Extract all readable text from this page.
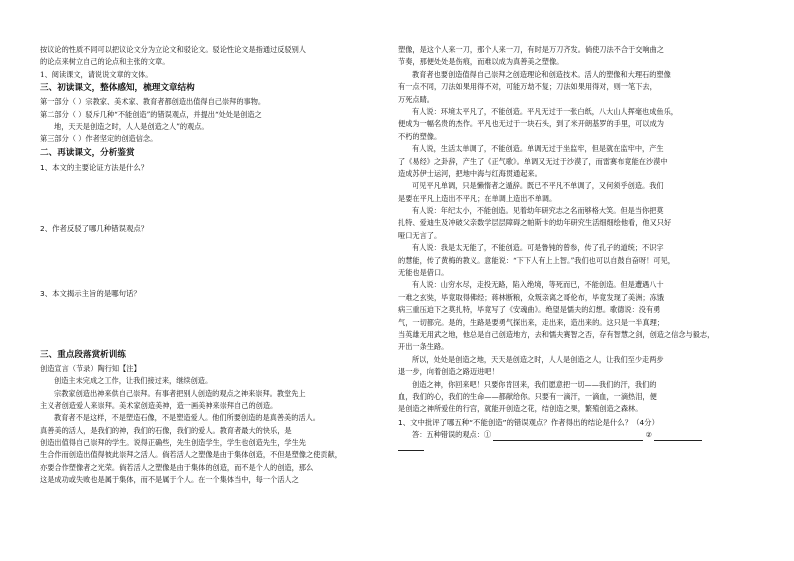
按议论的性质不同可以把议论文分为立论文和驳论文。驳论性论文是指通过反驳别人
的论点来树立自己的论点和主张的文章。
1、阅读课文，请说说文章的文体。
三、初读课文，整体感知，梳理文章结构
第一部分（ ）宗教家、美术家、教育者都创造出值得自己崇拜的事物。
第二部分（ ）驳斥几种“不能创造”的错误观点，并提出“处处是创造之
地，天天是创造之时，人人是创造之人”的观点。
第三部分（ ）作者坚定的创造信念。
二、再读课文，分析鉴赏
1、本文的主要论证方法是什么？
2、作者反驳了哪几种错误观点？
3、本文揭示主旨的是哪句话？
三、重点段落赏析训练
创造宣言（节录）陶行知【注】
创造主未完成之工作，让我们接过来，继续创造。
宗教家创造出神来供自己崇拜。有事者把别人创造的观点之神来崇拜。教堂先上
主义者创造爱人来崇拜。美术家创造美神，造一画美神来崇拜自己的创造。
教育者不是这样，不是塑造石像，不是塑造爱人。他们所要创造的是真善美的活人。
真善美的活人，是我们的神，我们的石像，我们的爱人。教育者最大的快乐，是
创造出值得自己崇拜的学生。说得正确些，先生创造学生，学生也创造先生，学生先
生合作而创造出值得彼此崇拜之活人。倘若活人之塑像是由于集体创造，不但是塑像之使贡献，
亦要合作塑像者之光荣。倘若活人之塑像是由于集体的创造，而不是个人的创造，那么
这是成功或失败也是属于集体，而不是属于个人。在一个集体当中，每一个活人之
塑像，是这个人来一刀，那个人来一刀，有时是万刀齐发。倘使刀法不合于交响曲之
节奏，那便处处是伤痕，而难以成为真善美之塑像。
教育者也要创造值得自己崇拜之创造理论和创造技术。活人的塑像和大理石的塑像
有一点不同，刀法如果用得不对，可能万劫不复；刀法如果用得对，则一笔下去，
万死点睛。
有人说：环境太平凡了，不能创造。平凡无过于一张白纸，八大山人挥毫也成鱼乐，
便成为一幅名贵的杰作。平凡也无过于一块石头，到了米开朗基罗的手里，可以成为
不朽的塑像。
有人说，生活太单调了，不能创造。单调无过于坐监牢，但是就在监牢中，产生
了《易经》之卦辞，产生了《正气歌》。单调又无过于沙漠了，而雷赛布竟能在沙漠中
造成苏伊士运河，把地中海与红海贯通起来。
可见平凡单调，只是懒惰者之遁辞。既已不平凡不单调了，又何须乎创造。我们
是要在平凡上造出不平凡；在单调上造出不单调。
有人说：年纪太小，不能创造。见着幼年研究志之名而够格大笑。但是当你把莫
扎特、爱迪生及冲破父亲数学层层障碍之帕斯卡的幼年研究生活细细绘他看，他又只好
哑口无言了。
有人说：我是太无能了，不能创造。可是鲁钝的曾参，传了孔子的道统；不识字
的慧能，传了黄梅的教义。意能说：“下下人有上上智。”我们也可以自鼓自奋呀！可见，
无能也是借口。
有人说：山穷水尽，走投无路，陷入绝境，等死而已，不能创造。但是遭遇八十
一难之玄奘，毕竟取得佛经；蒋林断粮，众叛亲离之哥伦布，毕竟发现了美洲；冻饿
病三重压迫下之莫扎特，毕竟写了《安魂曲》。绝望是懦夫的幻想。歌德说：没有勇
气，一切都完。是的，生路是要勇气探出来，走出来，造出来的。这只是一半真理；
当英雄无用武之地，他总是自己创造地方，去和懦夫赛智之否，存有智慧之剑，创造之信念与毅志，
开出一条生路。
所以，处处是创造之地，天天是创造之时，人人是创造之人，让我们至少走两步
退一步，向着创造之路迈进吧！
创造之神，你回来吧！只要你肯回来，我们愿意把一切——我们的汗，我们的
血，我们的心，我们的生命——都献给你。只要有一滴汗，一滴血，一滴热泪，便
是创造之神所爱住的行宫，就能开创造之花，结创造之果，繁殖创造之森林。
1、文中批评了哪五种“不能创造”的错误观点？作者得出的结论是什么？（4分）
答：五种错误的观点：①	②
